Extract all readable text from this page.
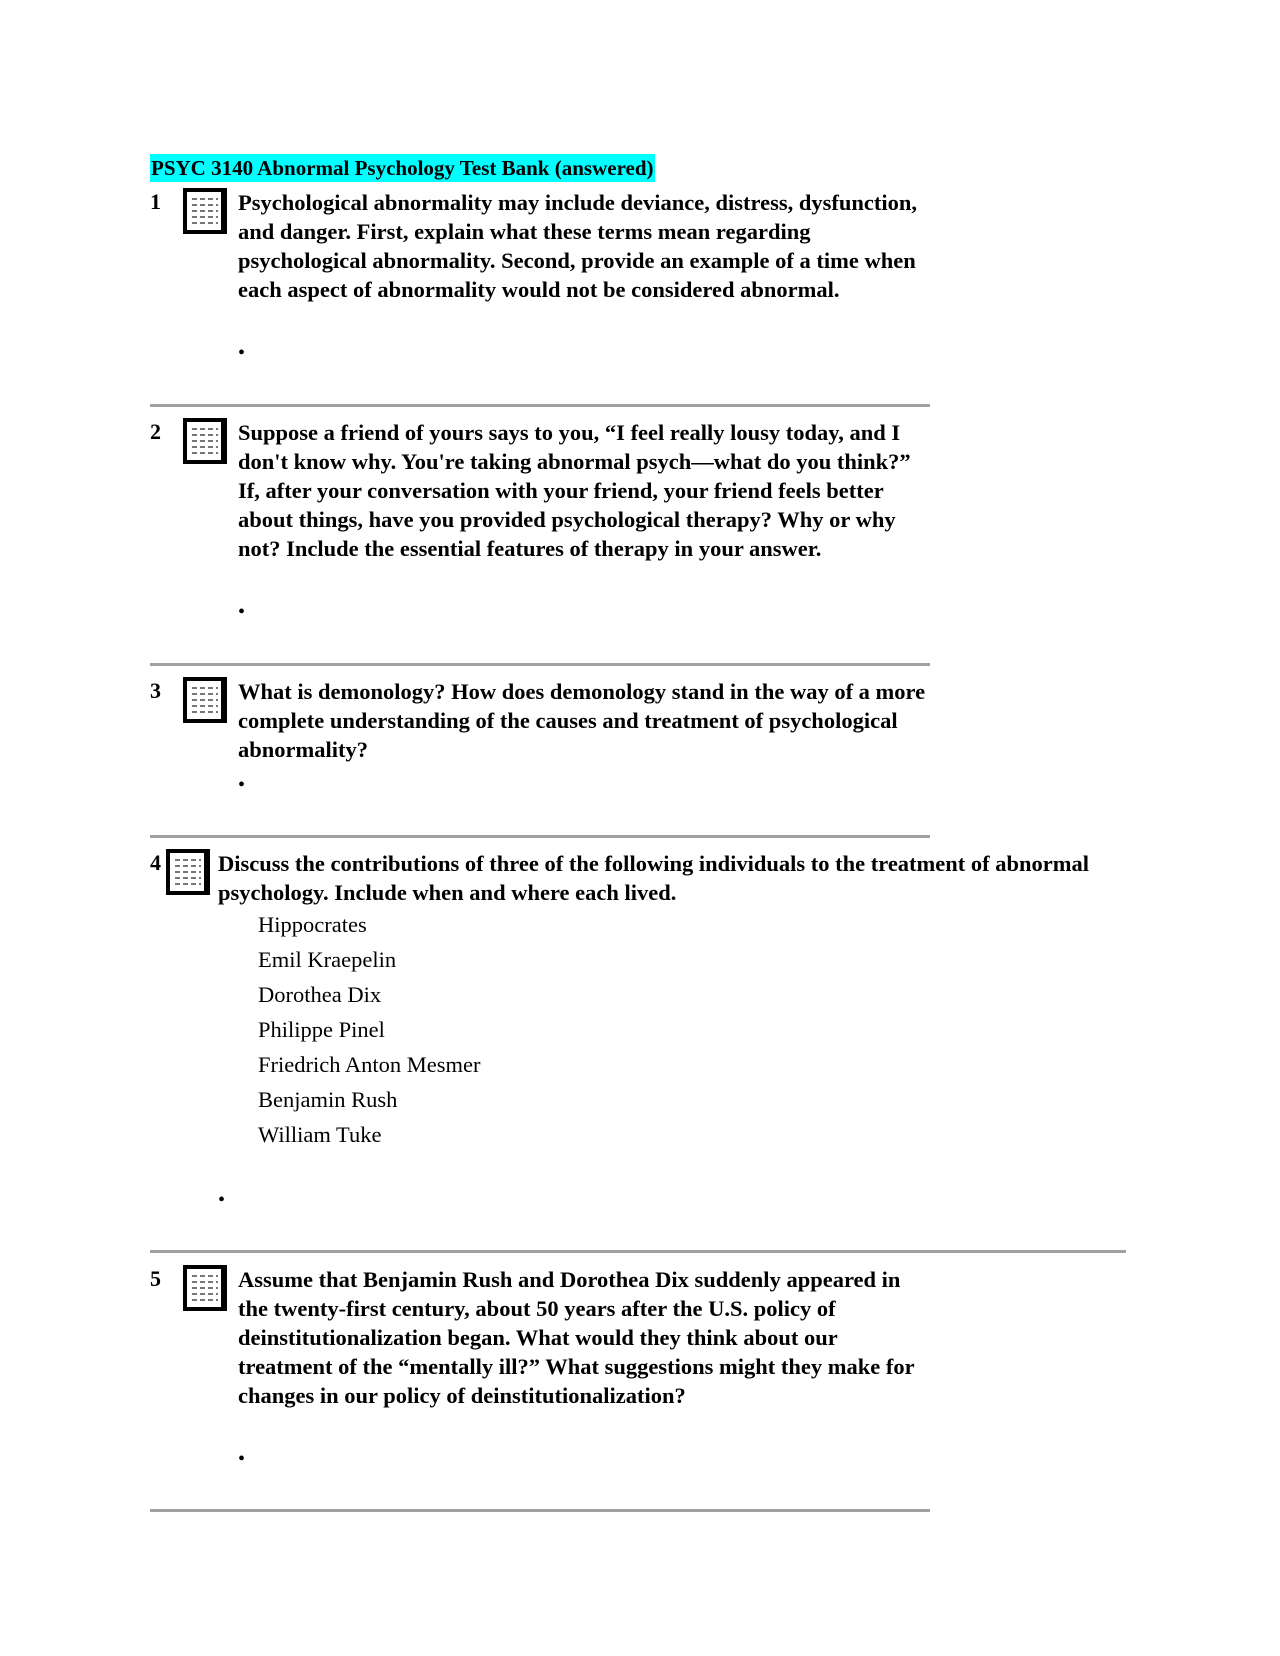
PSYC 3140 Abnormal Psychology Test Bank (answered)
1	Psychological abnormality may include deviance, distress, dysfunction, and danger. First, explain what these terms mean regarding psychological abnormality. Second, provide an example of a time when each aspect of abnormality would not be considered abnormal.

•
2	Suppose a friend of yours says to you, “I feel really lousy today, and I don't know why. You're taking abnormal psych—what do you think?” If, after your conversation with your friend, your friend feels better about things, have you provided psychological therapy? Why or why not? Include the essential features of therapy in your answer.

•
3	What is demonology? How does demonology stand in the way of a more complete understanding of the causes and treatment of psychological abnormality?

•
4	Discuss the contributions of three of the following individuals to the treatment of abnormal psychology. Include when and where each lived.

Hippocrates
Emil Kraepelin
Dorothea Dix
Philippe Pinel
Friedrich Anton Mesmer
Benjamin Rush
William Tuke
•
5	Assume that Benjamin Rush and Dorothea Dix suddenly appeared in the twenty-first century, about 50 years after the U.S. policy of deinstitutionalization began. What would they think about our treatment of the “mentally ill?” What suggestions might they make for changes in our policy of deinstitutionalization?

•
